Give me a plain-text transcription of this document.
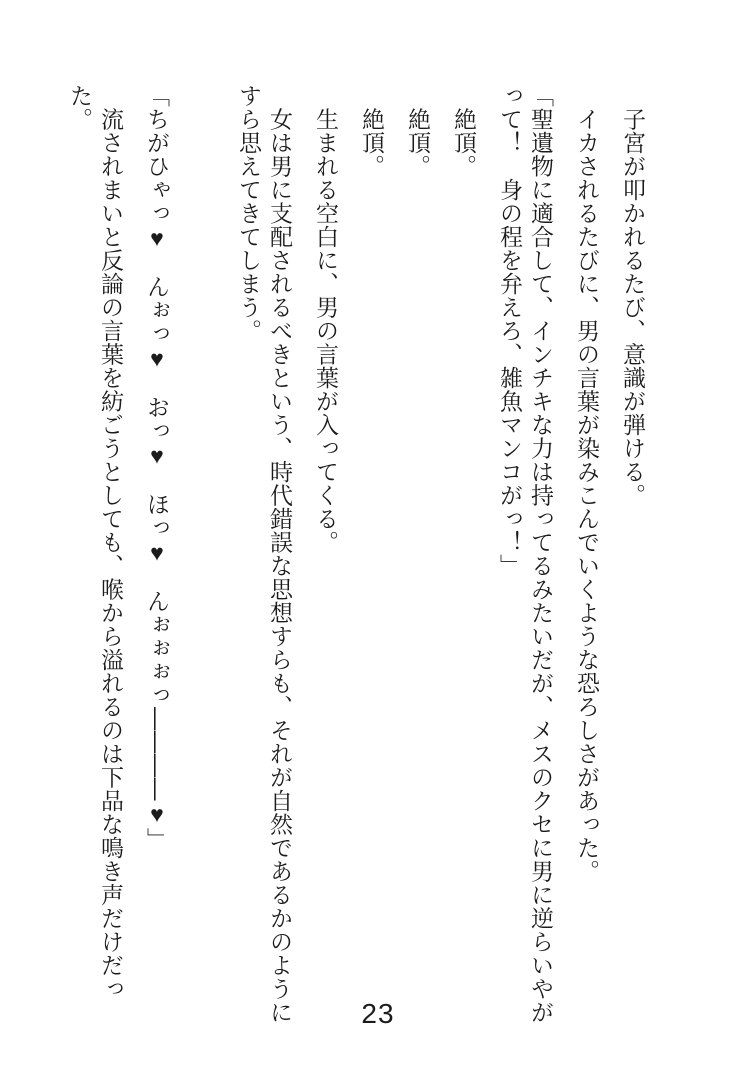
　子宮が叩かれるたび、意識が弾ける。

　イカされるたびに、男の言葉が染みこんでいくような恐ろしさがあった。

「聖遺物に適合して、インチキな力は持ってるみたいだが、メスのクセに男に逆らいやがって！　身の程を弁えろ、雑魚マンコがっ！」

　絶頂。

　絶頂。

　絶頂。

　生まれる空白に、男の言葉が入ってくる。

　女は男に支配されるべきという、時代錯誤な思想すらも、それが自然であるかのようにすら思えてきてしまう。

「ちがひゃっ♥　んぉっ♥　おっ♥　ほっ♥　んぉぉぉっ――――♥」

　流されまいと反論の言葉を紡ごうとしても、喉から溢れるのは下品な鳴き声だけだった。

23
